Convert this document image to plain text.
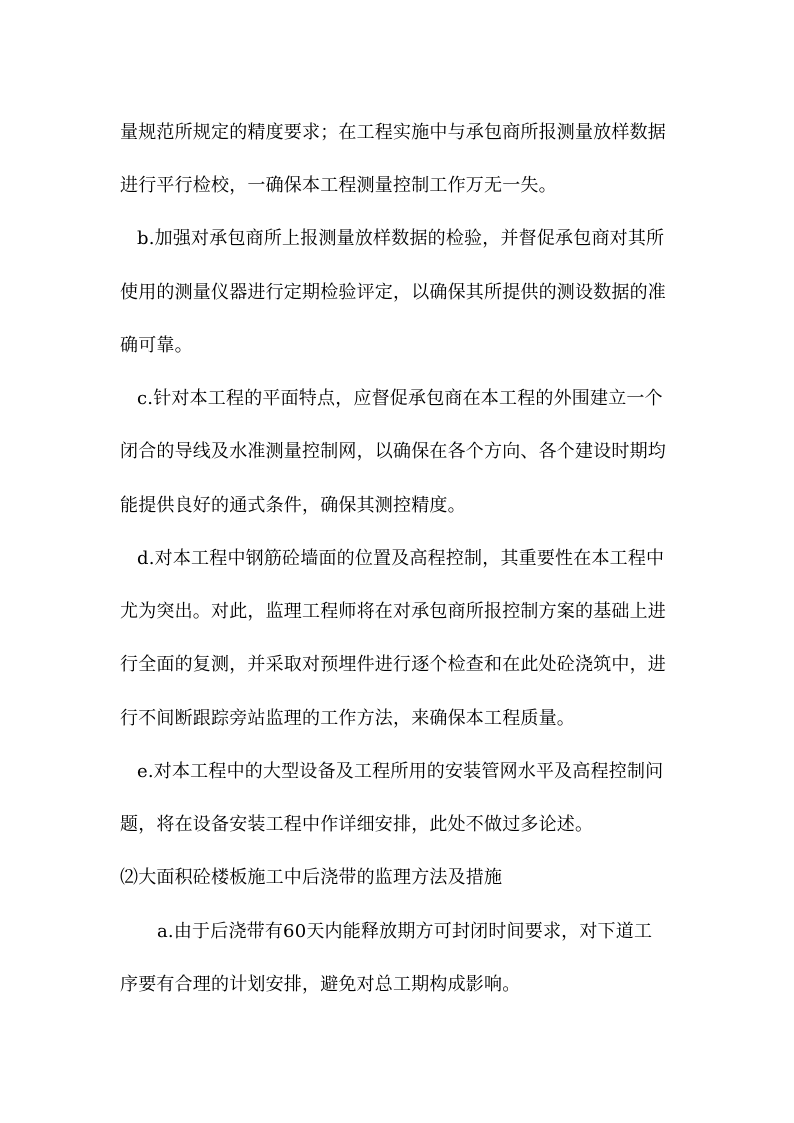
量规范所规定的精度要求；在工程实施中与承包商所报测量放样数据
进行平行检校，一确保本工程测量控制工作万无一失。
b.加强对承包商所上报测量放样数据的检验，并督促承包商对其所
使用的测量仪器进行定期检验评定，以确保其所提供的测设数据的准
确可靠。
c.针对本工程的平面特点，应督促承包商在本工程的外围建立一个
闭合的导线及水准测量控制网，以确保在各个方向、各个建设时期均
能提供良好的通式条件，确保其测控精度。
d.对本工程中钢筋砼墙面的位置及高程控制，其重要性在本工程中
尤为突出。对此，监理工程师将在对承包商所报控制方案的基础上进
行全面的复测，并采取对预埋件进行逐个检查和在此处砼浇筑中，进
行不间断跟踪旁站监理的工作方法，来确保本工程质量。
e.对本工程中的大型设备及工程所用的安装管网水平及高程控制问
题，将在设备安装工程中作详细安排，此处不做过多论述。
⑵大面积砼楼板施工中后浇带的监理方法及措施
a.由于后浇带有60天内能释放期方可封闭时间要求，对下道工
序要有合理的计划安排，避免对总工期构成影响。
